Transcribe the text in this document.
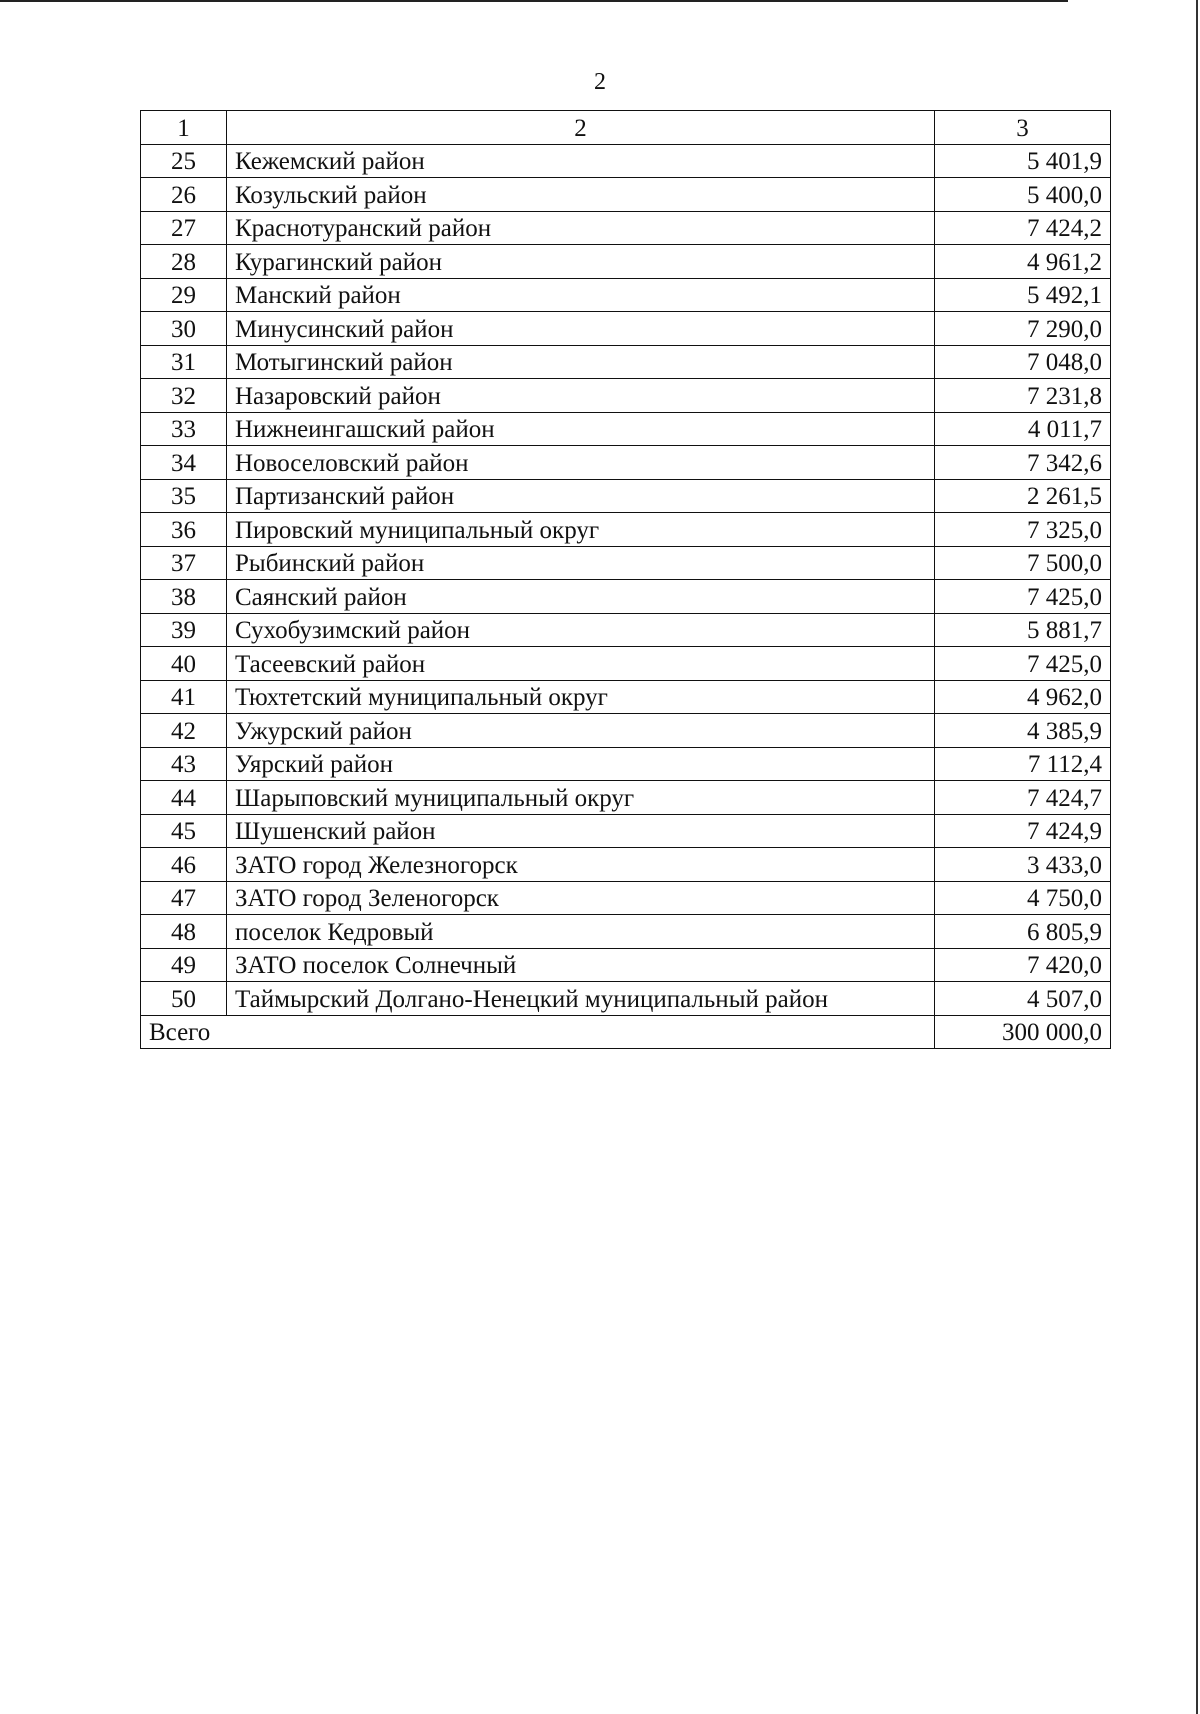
2
1	2	3
25	Кежемский район	5 401,9
26	Козульский район	5 400,0
27	Краснотуранский район	7 424,2
28	Курагинский район	4 961,2
29	Манский район	5 492,1
30	Минусинский район	7 290,0
31	Мотыгинский район	7 048,0
32	Назаровский район	7 231,8
33	Нижнеингашский район	4 011,7
34	Новоселовский район	7 342,6
35	Партизанский район	2 261,5
36	Пировский муниципальный округ	7 325,0
37	Рыбинский район	7 500,0
38	Саянский район	7 425,0
39	Сухобузимский район	5 881,7
40	Тасеевский район	7 425,0
41	Тюхтетский муниципальный округ	4 962,0
42	Ужурский район	4 385,9
43	Уярский район	7 112,4
44	Шарыповский муниципальный округ	7 424,7
45	Шушенский район	7 424,9
46	ЗАТО город Железногорск	3 433,0
47	ЗАТО город Зеленогорск	4 750,0
48	поселок Кедровый	6 805,9
49	ЗАТО поселок Солнечный	7 420,0
50	Таймырский Долгано-Ненецкий муниципальный район	4 507,0
Всего		300 000,0
